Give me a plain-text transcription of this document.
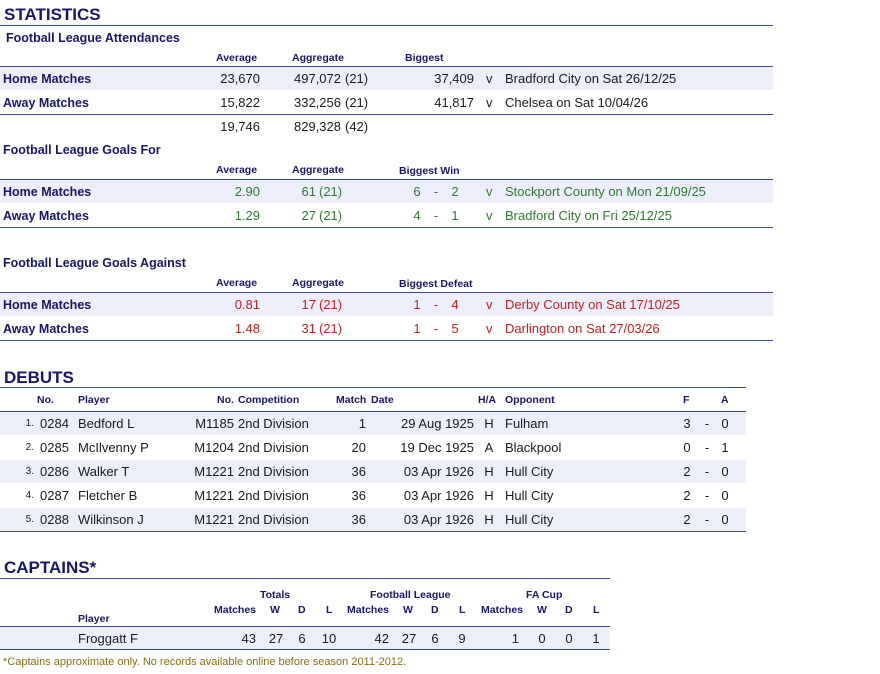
STATISTICS
Football League Attendances
Average	Aggregate	Biggest
Home Matches	23,670	497,072 (21)	37,409 v Bradford City on Sat 26/12/25
Away Matches	15,822	332,256 (21)	41,817 v Chelsea on Sat 10/04/26
19,746	829,328 (42)
Football League Goals For
Average	Aggregate	Biggest Win
Home Matches	2.90	61 (21)	6 - 2 v Stockport County on Mon 21/09/25
Away Matches	1.29	27 (21)	4 - 1 v Bradford City on Fri 25/12/25
Football League Goals Against
Average	Aggregate	Biggest Defeat
Home Matches	0.81	17 (21)	1 - 4 v Derby County on Sat 17/10/25
Away Matches	1.48	31 (21)	1 - 5 v Darlington on Sat 27/03/26
DEBUTS
No. Player	No. Competition	Match Date	H/A Opponent	F	A
1. 0284 Bedford L	M1185 2nd Division	1	29 Aug 1925 H Fulham	3 - 0
2. 0285 McIlvenny P	M1204 2nd Division	20	19 Dec 1925 A Blackpool	0 - 1
3. 0286 Walker T	M1221 2nd Division	36	03 Apr 1926 H Hull City	2 - 0
4. 0287 Fletcher B	M1221 2nd Division	36	03 Apr 1926 H Hull City	2 - 0
5. 0288 Wilkinson J	M1221 2nd Division	36	03 Apr 1926 H Hull City	2 - 0
CAPTAINS*
Totals	Football League	FA Cup
Player
Matches W D L Matches W D L Matches W D L
Froggatt F	43 27	6	10	42 27	6	9	1	0	0	1
*Captains approximate only. No records available online before season 2011-2012.
